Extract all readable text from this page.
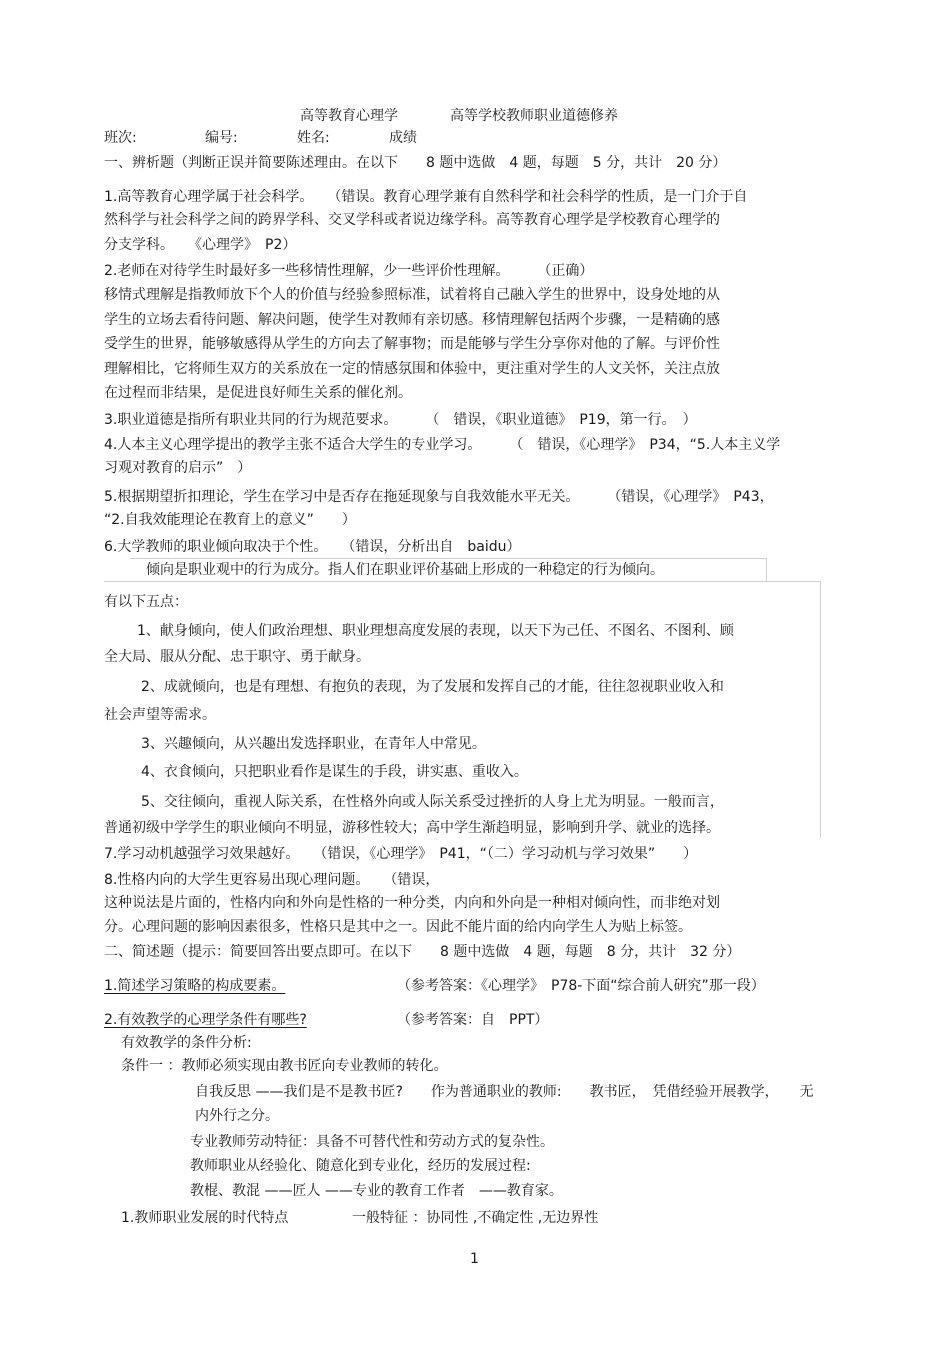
高等教育心理学	高等学校教师职业道德修养
班次:	编号:	姓名:	成绩
一、辨析题（判断正误并简要陈述理由。在以下　　8 题中选做　4 题，每题　5 分，共计　20 分）
1.高等教育心理学属于社会科学。　　（错误。教育心理学兼有自然科学和社会科学的性质，是一门介于自
然科学与社会科学之间的跨界学科、交叉学科或者说边缘学科。高等教育心理学是学校教育心理学的
分支学科。　　《心理学》　P2）
2.老师在对待学生时最好多一些移情性理解，少一些评价性理解。　　　（正确）
移情式理解是指教师放下个人的价值与经验参照标准，试着将自己融入学生的世界中，设身处地的从
学生的立场去看待问题、解决问题，使学生对教师有亲切感。移情理解包括两个步骤，一是精确的感
受学生的世界，能够敏感得从学生的方向去了解事物；而是能够与学生分享你对他的了解。与评价性
理解相比，它将师生双方的关系放在一定的情感氛围和体验中，更注重对学生的人文关怀，关注点放
在过程而非结果，是促进良好师生关系的催化剂。
3.职业道德是指所有职业共同的行为规范要求。　　　（　错误，《职业道德》　P19，第一行。　）
4.人本主义心理学提出的教学主张不适合大学生的专业学习。　　　（　错误，《心理学》　P34，“5.人本主义学
习观对教育的启示”　）
5.根据期望折扣理论，学生在学习中是否存在拖延现象与自我效能水平无关。　　　（错误，《心理学》　P43，
“2.自我效能理论在教育上的意义”　　）
6.大学教师的职业倾向取决于个性。　　（错误，分析出自　baidu）
倾向是职业观中的行为成分。指人们在职业评价基础上形成的一种稳定的行为倾向。
有以下五点：
1、献身倾向，使人们政治理想、职业理想高度发展的表现，以天下为己任、不图名、不图利、顾
全大局、服从分配、忠于职守、勇于献身。
2、成就倾向，也是有理想、有抱负的表现，为了发展和发挥自己的才能，往往忽视职业收入和
社会声望等需求。
3、兴趣倾向，从兴趣出发选择职业，在青年人中常见。
4、衣食倾向，只把职业看作是谋生的手段，讲实惠、重收入。
5、交往倾向，重视人际关系，在性格外向或人际关系受过挫折的人身上尤为明显。一般而言，
普通初级中学学生的职业倾向不明显，游移性较大；高中学生渐趋明显，影响到升学、就业的选择。
7.学习动机越强学习效果越好。　　（错误，《心理学》　P41，“（二）学习动机与学习效果”　　）
8.性格内向的大学生更容易出现心理问题。　　（错误，
这种说法是片面的，性格内向和外向是性格的一种分类，内向和外向是一种相对倾向性，而非绝对划
分。心理问题的影响因素很多，性格只是其中之一。因此不能片面的给内向学生人为贴上标签。
二、简述题（提示：简要回答出要点即可。在以下　　8 题中选做　4 题，每题　8 分，共计　32 分）
1.简述学习策略的构成要素。	（参考答案：《心理学》　P78-下面“综合前人研究”那一段）
2.有效教学的心理学条件有哪些?	（参考答案：自　PPT）
有效教学的条件分析:
条件一 ：教师必须实现由教书匠向专业教师的转化。
自我反思 ——我们是不是教书匠?　　作为普通职业的教师:　　教书匠，　凭借经验开展教学，　　无
内外行之分。
专业教师劳动特征：具备不可替代性和劳动方式的复杂性。
教师职业从经验化、随意化到专业化，经历的发展过程:
教棍、教混 ——匠人 ——专业的教育工作者　——教育家。
1.教师职业发展的时代特点	一般特征 ：协同性 ,不确定性 ,无边界性
1
